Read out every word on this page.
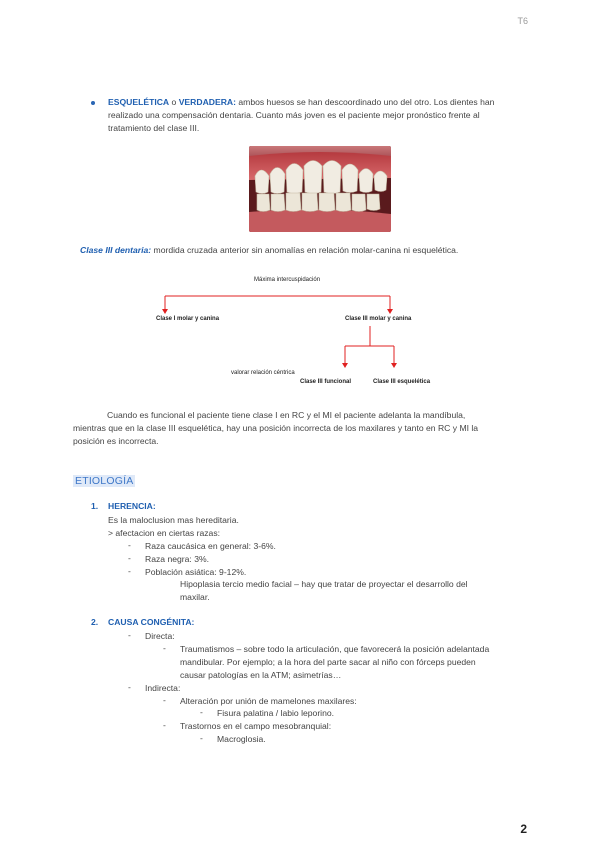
T6
ESQUELÉTICA o VERDADERA: ambos huesos se han descoordinado uno del otro. Los dientes han
realizado una compensación dentaria. Cuanto más joven es el paciente mejor pronóstico frente al
tratamiento del clase III.
Clase III dentaria: mordida cruzada anterior sin anomalías en relación molar-canina ni esquelética.
Máxima intercuspidación
Clase I molar y canina	Clase III molar y canina
valorar relación céntrica
Clase III funcional	Clase III esquelética
Cuando es funcional el paciente tiene clase I en RC y el MI el paciente adelanta la mandíbula,
mientras que en la clase III esquelética, hay una posición incorrecta de los maxilares y tanto en RC y MI la
posición es incorrecta.
ETIOLOGÍA
1. HERENCIA:
Es la maloclusion mas hereditaria.
> afectacion en ciertas razas:
- Raza caucásica en general: 3-6%.
- Raza negra: 3%.
- Población asiática: 9-12%.
Hipoplasia tercio medio facial – hay que tratar de proyectar el desarrollo del
maxilar.
2. CAUSA CONGÉNITA:
- Directa:
- Traumatismos – sobre todo la articulación, que favorecerá la posición adelantada
mandibular. Por ejemplo; a la hora del parte sacar al niño con fórceps pueden
causar patologías en la ATM; asimetrías…
- Indirecta:
- Alteración por unión de mamelones maxilares:
- Fisura palatina / labio leporino.
- Trastornos en el campo mesobranquial:
- Macroglosia.
2
